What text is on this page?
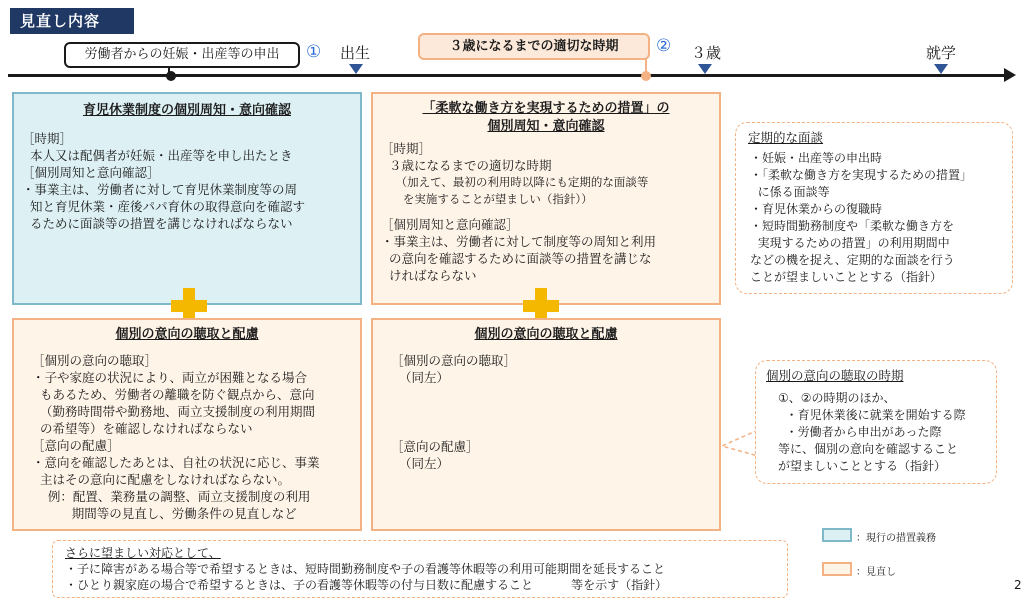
見直し内容
労働者からの妊娠・出産等の申出	① 出生	３歳になるまでの適切な時期	② ３歳	就学
育児休業制度の個別周知・意向確認
［時期］
本人又は配偶者が妊娠・出産等を申し出たとき
［個別周知と意向確認］
・事業主は、労働者に対して育児休業制度等の周
知と育児休業・産後パパ育休の取得意向を確認す
るために面談等の措置を講じなければならない
「柔軟な働き方を実現するための措置」の
個別周知・意向確認
［時期］
３歳になるまでの適切な時期
（加えて、最初の利用時以降にも定期的な面談等
を実施することが望ましい（指針））
［個別周知と意向確認］
・事業主は、労働者に対して制度等の周知と利用
の意向を確認するために面談等の措置を講じな
ければならない
個別の意向の聴取と配慮
［個別の意向の聴取］
・子や家庭の状況により、両立が困難となる場合
もあるため、労働者の離職を防ぐ観点から、意向
（勤務時間帯や勤務地、両立支援制度の利用期間
の希望等）を確認しなければならない
［意向の配慮］
・意向を確認したあとは、自社の状況に応じ、事業
主はその意向に配慮をしなければならない。
例：配置、業務量の調整、両立支援制度の利用
期間等の見直し、労働条件の見直しなど
個別の意向の聴取と配慮
［個別の意向の聴取］
（同左）
［意向の配慮］
（同左）
定期的な面談
・妊娠・出産等の申出時
・「柔軟な働き方を実現するための措置」
に係る面談等
・育児休業からの復職時
・短時間勤務制度や「柔軟な働き方を
実現するための措置」の利用期間中
などの機を捉え、定期的な面談を行う
ことが望ましいこととする（指針）
個別の意向の聴取の時期
①、②の時期のほか、
・育児休業後に就業を開始する際
・労働者から申出があった際
等に、個別の意向を確認すること
が望ましいこととする（指針）
さらに望ましい対応として、
・子に障害がある場合等で希望するときは、短時間勤務制度や子の看護等休暇等の利用可能期間を延長すること
・ひとり親家庭の場合で希望するときは、子の看護等休暇等の付与日数に配慮すること          等を示す（指針）
：現行の措置義務
：見直し
2
